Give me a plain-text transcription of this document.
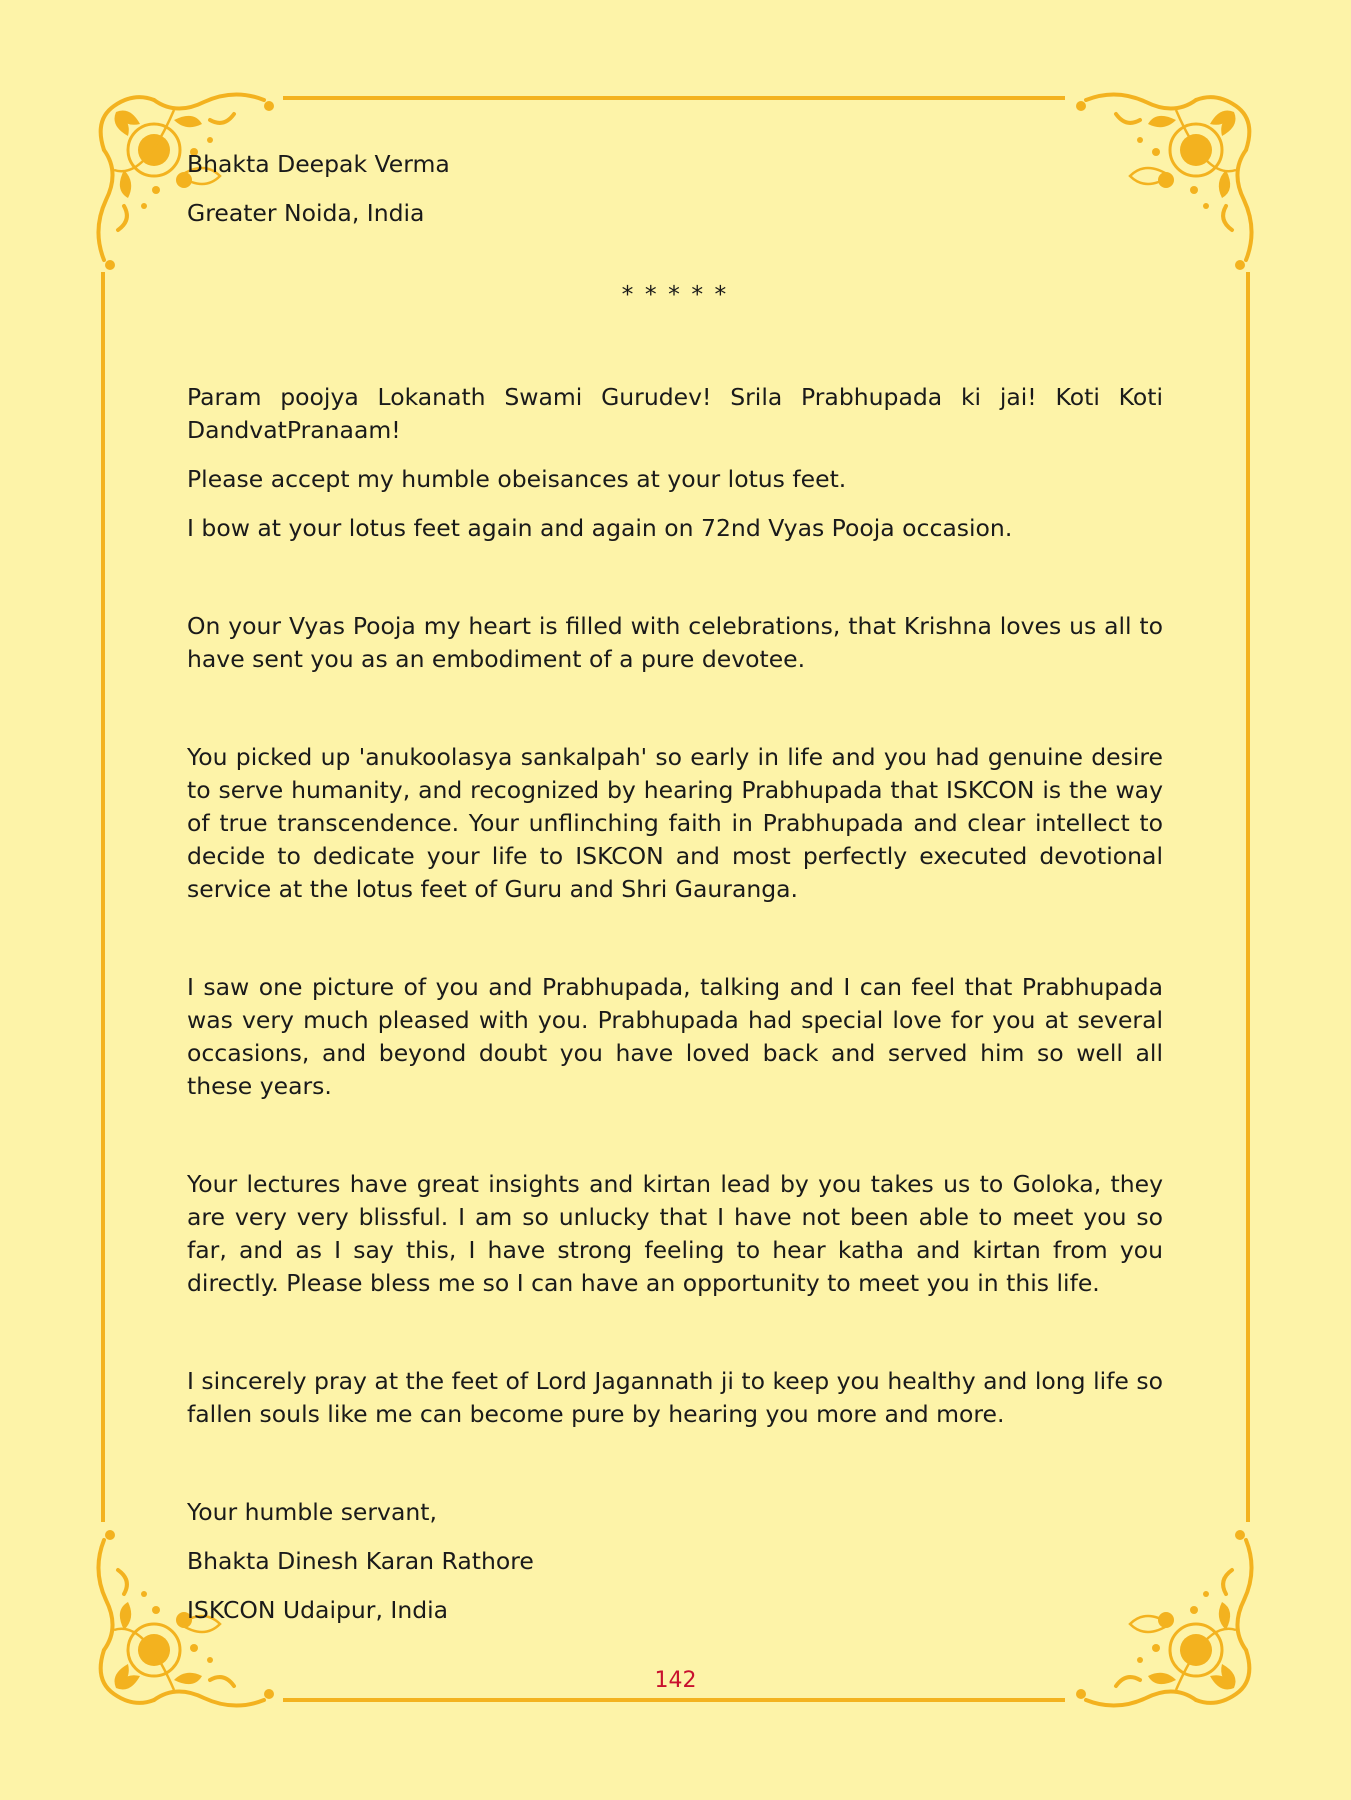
Bhakta Deepak Verma

Greater Noida, India

* * * * *

Param poojya Lokanath Swami Gurudev! Srila Prabhupada ki jai! Koti Koti DandvatPranaam!

Please accept my humble obeisances at your lotus feet.

I bow at your lotus feet again and again on 72nd Vyas Pooja occasion.

On your Vyas Pooja my heart is filled with celebrations, that Krishna loves us all to have sent you as an embodiment of a pure devotee.

You picked up 'anukoolasya sankalpah' so early in life and you had genuine desire to serve humanity, and recognized by hearing Prabhupada that ISKCON is the way of true transcendence. Your unflinching faith in Prabhupada and clear intellect to decide to dedicate your life to ISKCON and most perfectly executed devotional service at the lotus feet of Guru and Shri Gauranga.

I saw one picture of you and Prabhupada, talking and I can feel that Prabhupada was very much pleased with you. Prabhupada had special love for you at several occasions, and beyond doubt you have loved back and served him so well all these years.

Your lectures have great insights and kirtan lead by you takes us to Goloka, they are very very blissful. I am so unlucky that I have not been able to meet you so far, and as I say this, I have strong feeling to hear katha and kirtan from you directly. Please bless me so I can have an opportunity to meet you in this life.

I sincerely pray at the feet of Lord Jagannath ji to keep you healthy and long life so fallen souls like me can become pure by hearing you more and more.

Your humble servant,

Bhakta Dinesh Karan Rathore

ISKCON Udaipur, India

142
